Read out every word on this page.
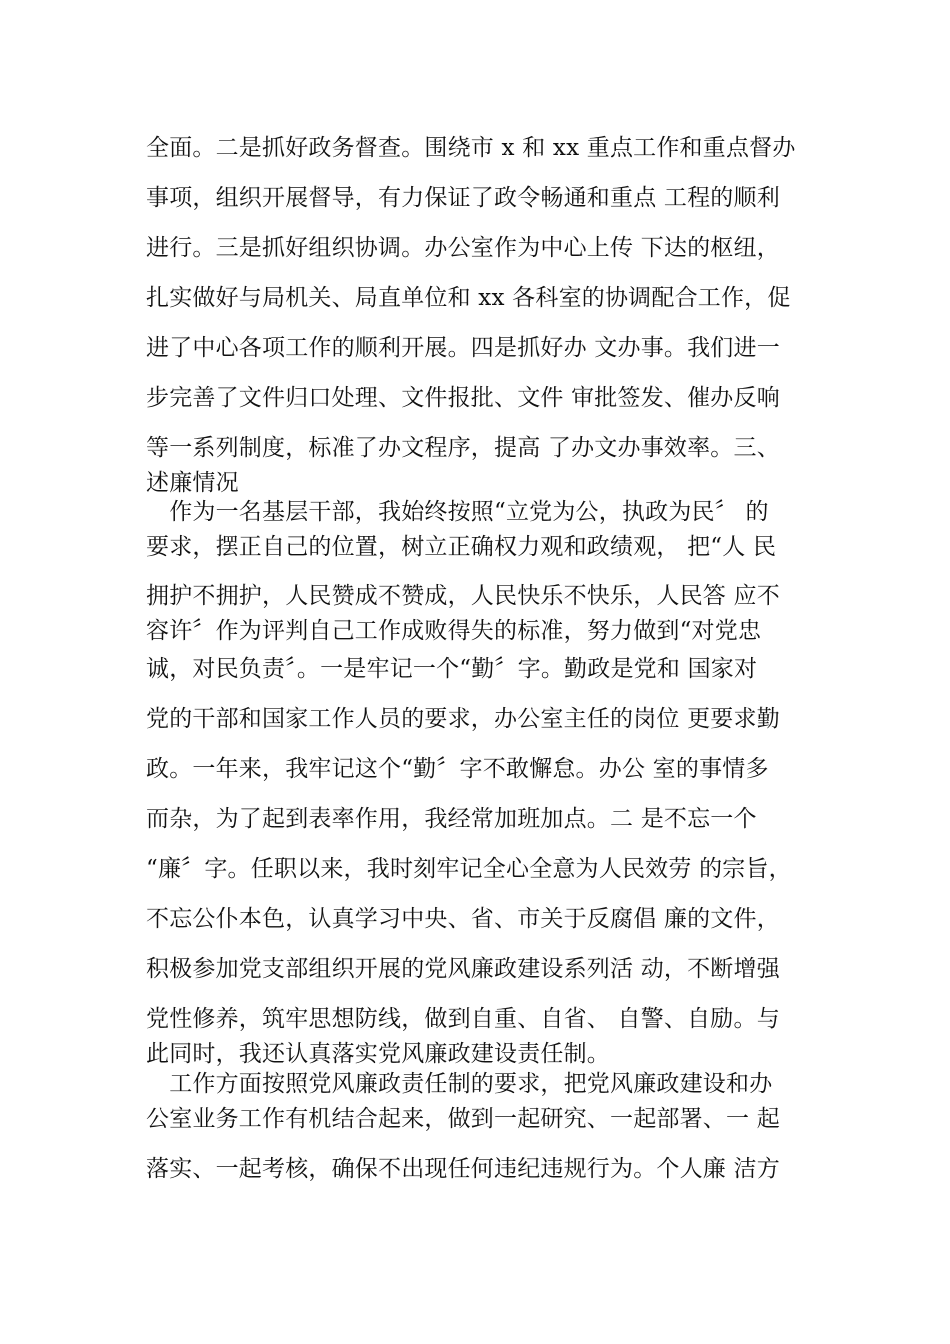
全面。二是抓好政务督查。围绕市 x 和 xx 重点工作和重点督办
事项，组织开展督导，有力保证了政令畅通和重点 工程的顺利
进行。三是抓好组织协调。办公室作为中心上传 下达的枢纽，
扎实做好与局机关、局直单位和 xx 各科室的协调配合工作，促
进了中心各项工作的顺利开展。四是抓好办 文办事。我们进一
步完善了文件归口处理、文件报批、文件 审批签发、催办反响
等一系列制度，标准了办文程序，提高 了办文办事效率。三、
述廉情况
　作为一名基层干部，我始终按照“立党为公，执政为民〞 的
要求，摆正自己的位置，树立正确权力观和政绩观， 把“人 民
拥护不拥护，人民赞成不赞成，人民快乐不快乐，人民答 应不
容许〞作为评判自己工作成败得失的标准，努力做到“对党忠
诚，对民负责〞。一是牢记一个“勤〞字。勤政是党和 国家对
党的干部和国家工作人员的要求，办公室主任的岗位 更要求勤
政。一年来，我牢记这个“勤〞字不敢懈怠。办公 室的事情多
而杂，为了起到表率作用，我经常加班加点。二 是不忘一个
“廉〞字。任职以来，我时刻牢记全心全意为人民效劳 的宗旨，
不忘公仆本色，认真学习中央、省、市关于反腐倡 廉的文件，
积极参加党支部组织开展的党风廉政建设系列活 动，不断增强
党性修养，筑牢思想防线，做到自重、自省、 自警、自励。与
此同时，我还认真落实党风廉政建设责任制。
　工作方面按照党风廉政责任制的要求，把党风廉政建设和办
公室业务工作有机结合起来，做到一起研究、一起部署、一 起
落实、一起考核，确保不出现任何违纪违规行为。个人廉 洁方
